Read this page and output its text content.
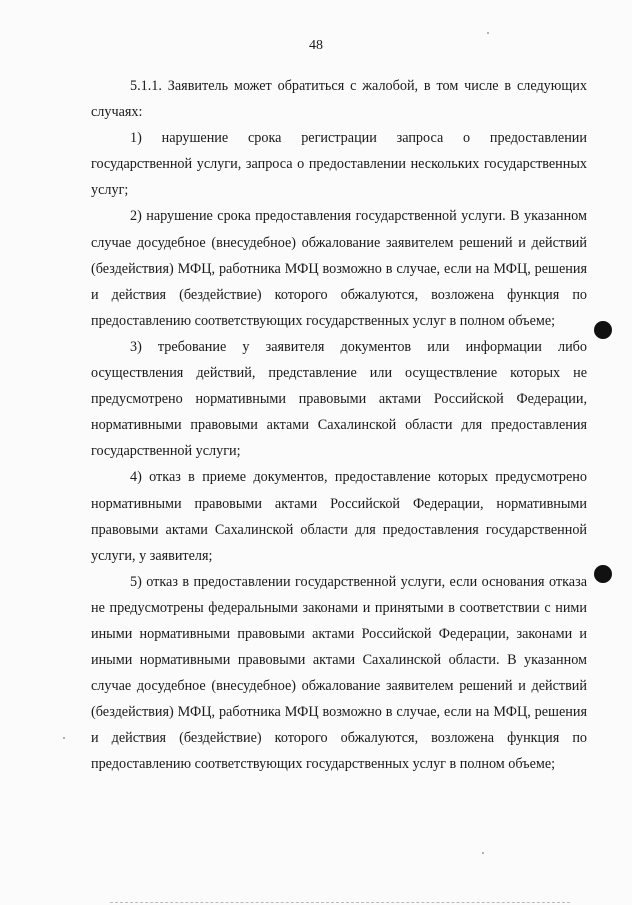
48

5.1.1. Заявитель может обратиться с жалобой, в том числе в следующих случаях:

1) нарушение срока регистрации запроса о предоставлении государственной услуги, запроса о предоставлении нескольких государственных услуг;

2) нарушение срока предоставления государственной услуги. В указанном случае досудебное (внесудебное) обжалование заявителем решений и действий (бездействия) МФЦ, работника МФЦ возможно в случае, если на МФЦ, решения и действия (бездействие) которого обжалуются, возложена функция по предоставлению соответствующих государственных услуг в полном объеме;

3) требование у заявителя документов или информации либо осуществления действий, представление или осуществление которых не предусмотрено нормативными правовыми актами Российской Федерации, нормативными правовыми актами Сахалинской области для предоставления государственной услуги;

4) отказ в приеме документов, предоставление которых предусмотрено нормативными правовыми актами Российской Федерации, нормативными правовыми актами Сахалинской области для предоставления государственной услуги, у заявителя;

5) отказ в предоставлении государственной услуги, если основания отказа не предусмотрены федеральными законами и принятыми в соответствии с ними иными нормативными правовыми актами Российской Федерации, законами и иными нормативными правовыми актами Сахалинской области. В указанном случае досудебное (внесудебное) обжалование заявителем решений и действий (бездействия) МФЦ, работника МФЦ возможно в случае, если на МФЦ, решения и действия (бездействие) которого обжалуются, возложена функция по предоставлению соответствующих государственных услуг в полном объеме;
